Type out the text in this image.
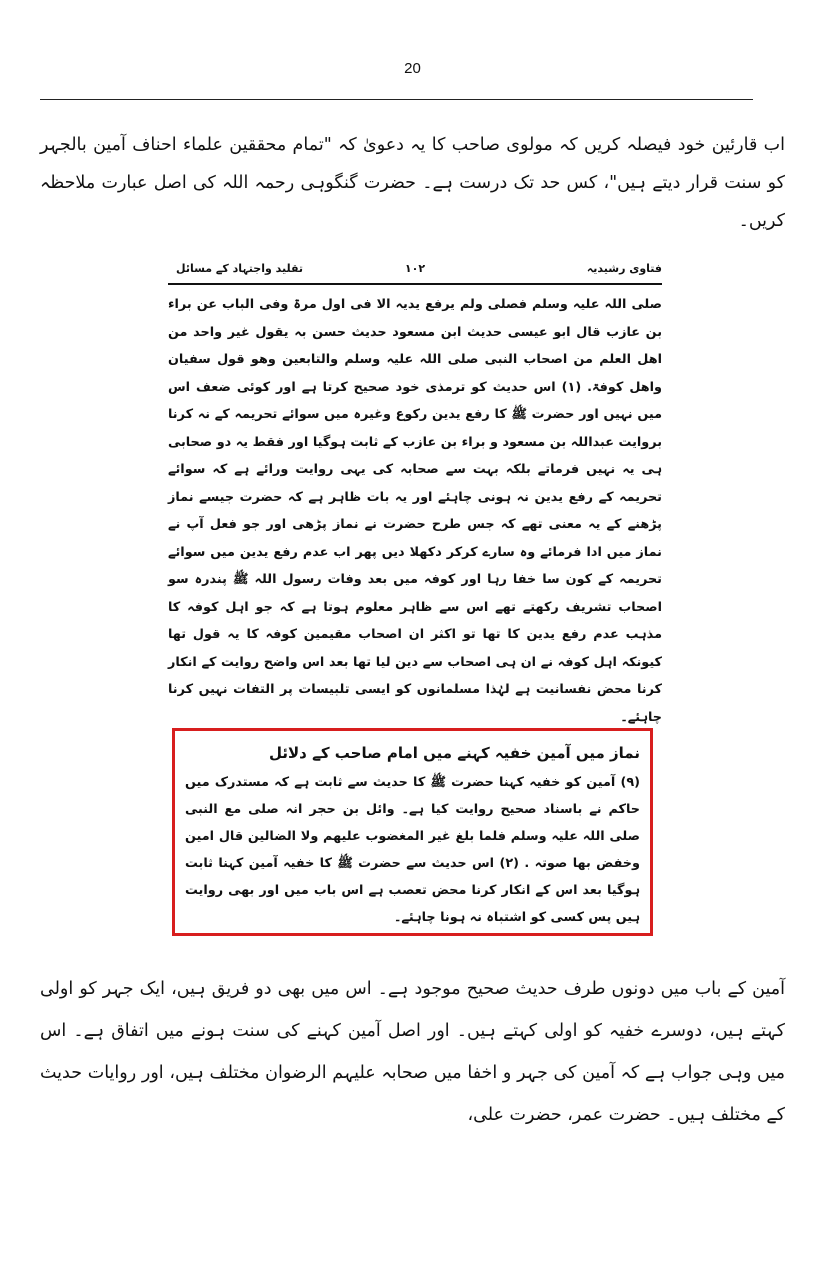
20
اب قارئین خود فیصلہ کریں کہ مولوی صاحب کا یہ دعویٰ کہ "تمام محققین علماء احناف آمین بالجہر کو سنت قرار دیتے ہیں"، کس حد تک درست ہے۔ حضرت گنگوہی رحمہ اللہ کی اصل عبارت ملاحظہ کریں۔
فتاوی رشیدیہ
۱۰۲
تقلید واجتہاد کے مسائل
صلی اللہ علیہ وسلم فصلی ولم یرفع یدیہ الا فی اول مرۃ وفی الباب عن براء بن عازب قال ابو عیسی حدیث ابن مسعود حدیث حسن بہ یقول غیر واحد من اھل العلم من اصحاب النبی صلی اللہ علیہ وسلم والتابعین وھو قول سفیان واھل کوفۃ. (۱) اس حدیث کو ترمذی خود صحیح کرتا ہے اور کوئی ضعف اس میں نہیں اور حضرت ﷺ کا رفع یدین رکوع وغیرہ میں سوائے تحریمہ کے نہ کرنا بروایت عبداللہ بن مسعود و براء بن عازب کے ثابت ہوگیا اور فقط یہ دو صحابی ہی یہ نہیں فرماتے بلکہ بہت سے صحابہ کی یہی روایت ورائے ہے کہ سوائے تحریمہ کے رفع یدین نہ ہونی چاہئے اور یہ بات ظاہر ہے کہ حضرت جیسے نماز پڑھنے کے یہ معنی تھے کہ جس طرح حضرت نے نماز پڑھی اور جو فعل آپ نے نماز میں ادا فرمائے وہ سارے کرکر دکھلا دیں پھر اب عدم رفع یدین میں سوائے تحریمہ کے کون سا خفا رہا اور کوفہ میں بعد وفات رسول اللہ ﷺ پندرہ سو اصحاب تشریف رکھتے تھے اس سے ظاہر معلوم ہوتا ہے کہ جو اہل کوفہ کا مذہب عدم رفع یدین کا تھا تو اکثر ان اصحاب مقیمین کوفہ کا یہ قول تھا کیونکہ اہل کوفہ نے ان ہی اصحاب سے دین لیا تھا بعد اس واضح روایت کے انکار کرنا محض نفسانیت ہے لہٰذا مسلمانوں کو ایسی تلبیسات پر التفات نہیں کرنا چاہئے۔
نماز میں آمین خفیہ کہنے میں امام صاحب کے دلائل
(۹) آمین کو خفیہ کہنا حضرت ﷺ کا حدیث سے ثابت ہے کہ مستدرک میں حاکم نے باسناد صحیح روایت کیا ہے۔ وائل بن حجر انہ صلی مع النبی صلی اللہ علیہ وسلم فلما بلغ غیر المغضوب علیھم ولا الضالین قال امین وخفض بھا صوتہ . (۲) اس حدیث سے حضرت ﷺ کا خفیہ آمین کہنا ثابت ہوگیا بعد اس کے انکار کرنا محض تعصب ہے اس باب میں اور بھی روایت ہیں پس کسی کو اشتباہ نہ ہونا چاہئے۔
آمین کے باب میں دونوں طرف حدیث صحیح موجود ہے۔ اس میں بھی دو فریق ہیں، ایک جہر کو اولی کہتے ہیں، دوسرے خفیہ کو اولی کہتے ہیں۔ اور اصل آمین کہنے کی سنت ہونے میں اتفاق ہے۔ اس میں وہی جواب ہے کہ آمین کی جہر و اخفا میں صحابہ علیہم الرضوان مختلف ہیں، اور روایات حدیث کے مختلف ہیں۔ حضرت عمر، حضرت علی،
